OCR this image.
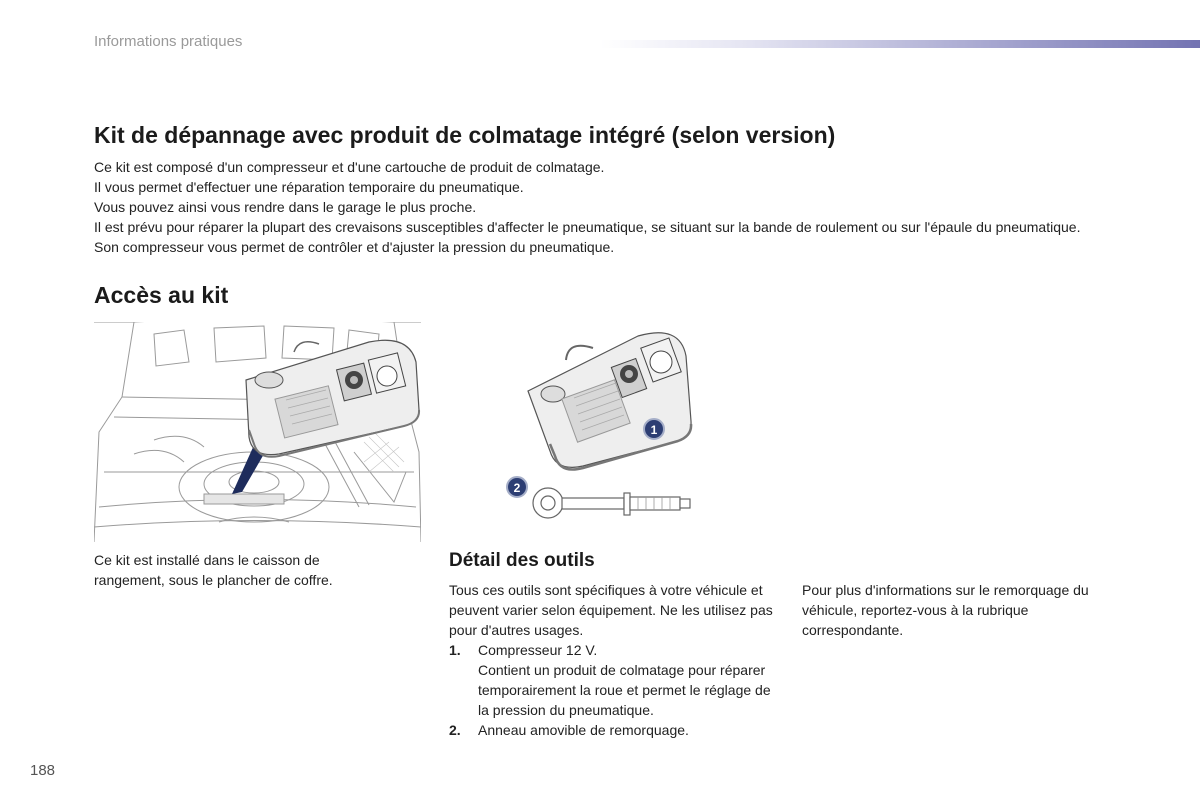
Informations pratiques
Kit de dépannage avec produit de colmatage intégré (selon version)

Ce kit est composé d'un compresseur et d'une cartouche de produit de colmatage.

Il vous permet d'effectuer une réparation temporaire du pneumatique.

Vous pouvez ainsi vous rendre dans le garage le plus proche.

Il est prévu pour réparer la plupart des crevaisons susceptibles d'affecter le pneumatique, se situant sur la bande de roulement ou sur l'épaule du pneumatique.

Son compresseur vous permet de contrôler et d'ajuster la pression du pneumatique.

Accès au kit
1
2
Ce kit est installé dans le caisson de rangement, sous le plancher de coffre.
Détail des outils

Tous ces outils sont spécifiques à votre véhicule et peuvent varier selon équipement. Ne les utilisez pas pour d'autres usages.

1. Compresseur 12 V.
Contient un produit de colmatage pour réparer temporairement la roue et permet le réglage de la pression du pneumatique.
2. Anneau amovible de remorquage.
Pour plus d'informations sur le remorquage du véhicule, reportez-vous à la rubrique correspondante.
188
